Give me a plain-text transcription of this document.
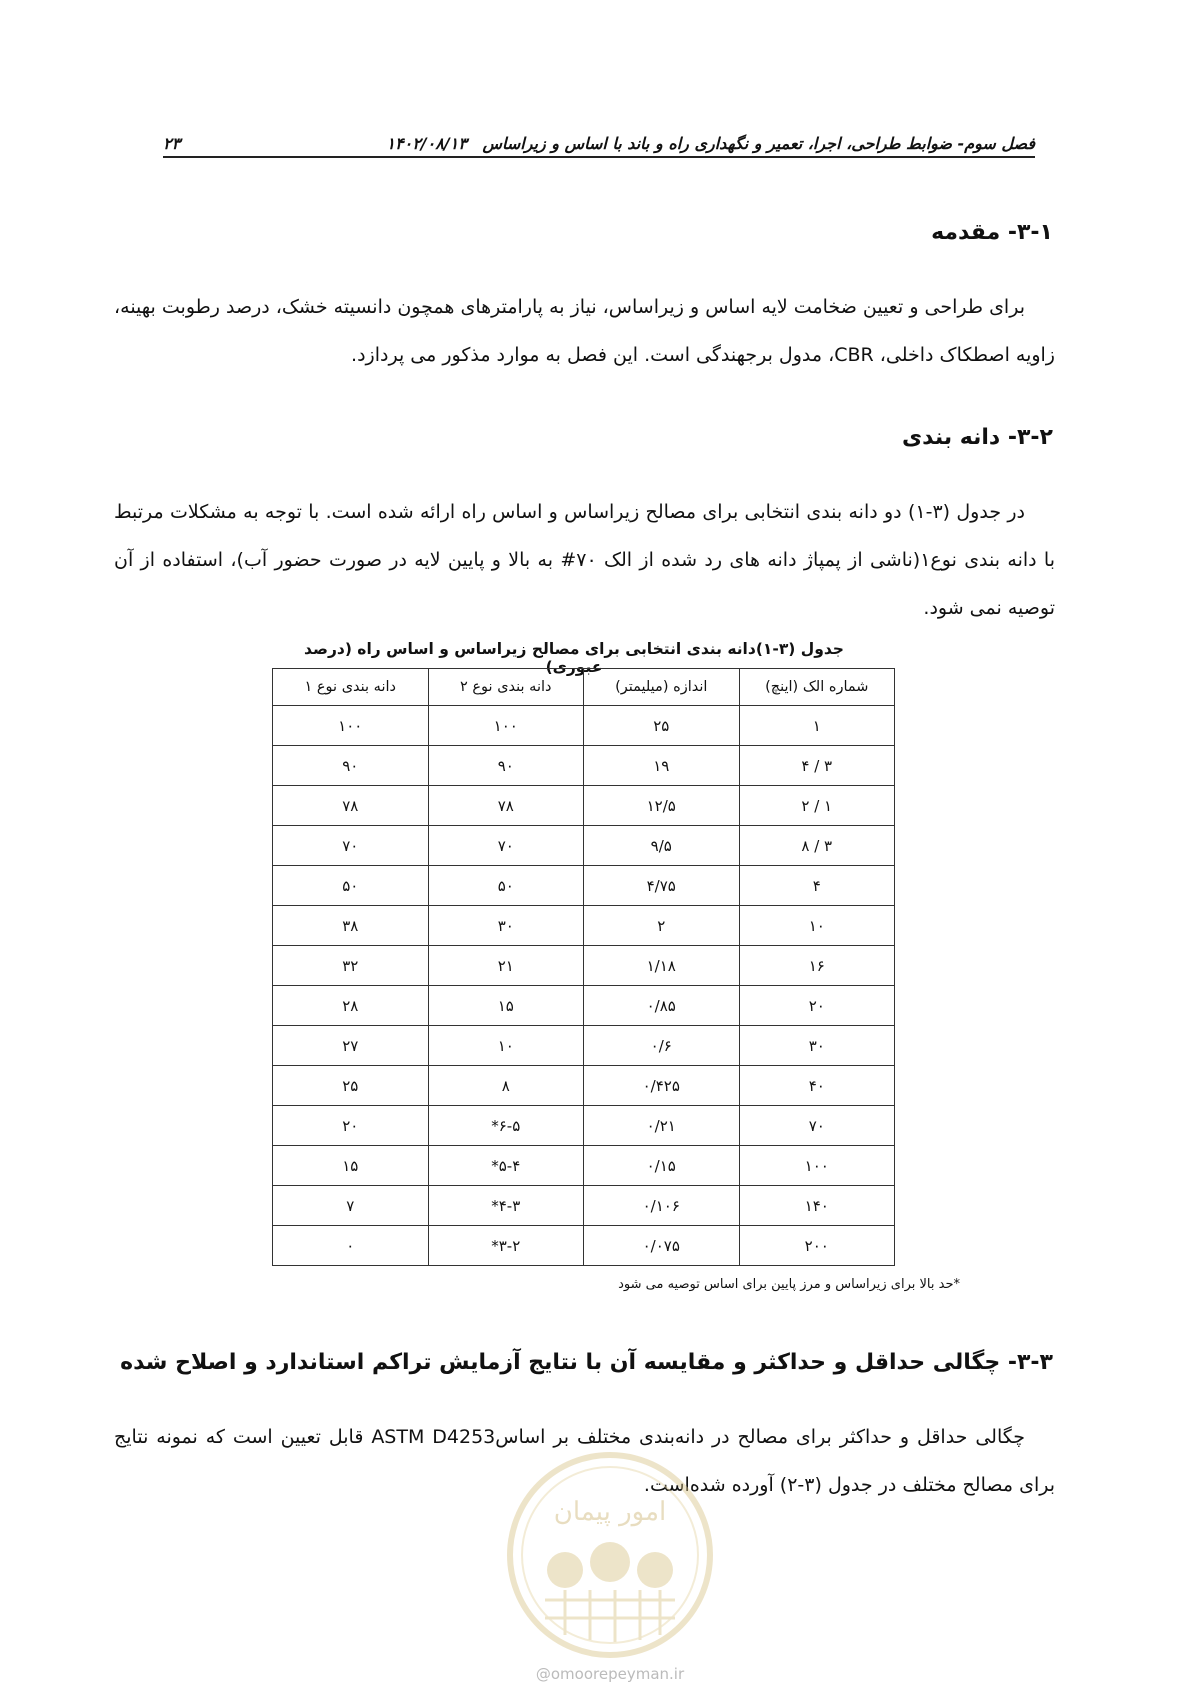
۲۳	فصل سوم- ضوابط طراحی، اجرا، تعمیر و نگهداری راه و باند با اساس و زیراساس ۱۴۰۲/۰۸/۱۳
۳-۱- مقدمه
برای طراحی و تعیین ضخامت لایه اساس و زیراساس، نیاز به پارامترهای همچون دانسیته خشک، درصد رطوبت بهینه، زاویه اصطکاک داخلی، CBR، مدول برجهندگی است. این فصل به موارد مذکور می پردازد.
۳-۲- دانه بندی
در جدول (۳-۱) دو دانه بندی انتخابی برای مصالح زیراساس و اساس راه ارائه شده است. با توجه به مشکلات مرتبط با دانه بندی نوع۱(ناشی از پمپاژ دانه های رد شده از الک ۷۰# به بالا و پایین لایه در صورت حضور آب)، استفاده از آن توصیه نمی شود.
جدول (۳-۱)دانه بندی انتخابی برای مصالح زیراساس و اساس راه (درصد عبوری)
شماره الک (اینچ)	اندازه (میلیمتر)	دانه بندی نوع ۲	دانه بندی نوع ۱
۱	۲۵	۱۰۰	۱۰۰
۳ / ۴	۱۹	۹۰	۹۰
۱ / ۲	۱۲/۵	۷۸	۷۸
۳ / ۸	۹/۵	۷۰	۷۰
۴	۴/۷۵	۵۰	۵۰
۱۰	۲	۳۰	۳۸
۱۶	۱/۱۸	۲۱	۳۲
۲۰	۰/۸۵	۱۵	۲۸
۳۰	۰/۶	۱۰	۲۷
۴۰	۰/۴۲۵	۸	۲۵
۷۰	۰/۲۱	۶-۵*	۲۰
۱۰۰	۰/۱۵	۵-۴*	۱۵
۱۴۰	۰/۱۰۶	۴-۳*	۷
۲۰۰	۰/۰۷۵	۳-۲*	۰
*حد بالا برای زیراساس و مرز پایین برای اساس توصیه می شود
۳-۳- چگالی حداقل و حداکثر و مقایسه آن با نتایج آزمایش تراکم استاندارد و اصلاح شده
چگالی حداقل و حداکثر برای مصالح در دانه‌بندی مختلف بر اساسASTM D4253 قابل تعیین است که نمونه نتایج برای مصالح مختلف در جدول (۳-۲) آورده شده‌است.
امور پیمان
@omoorepeyman.ir
